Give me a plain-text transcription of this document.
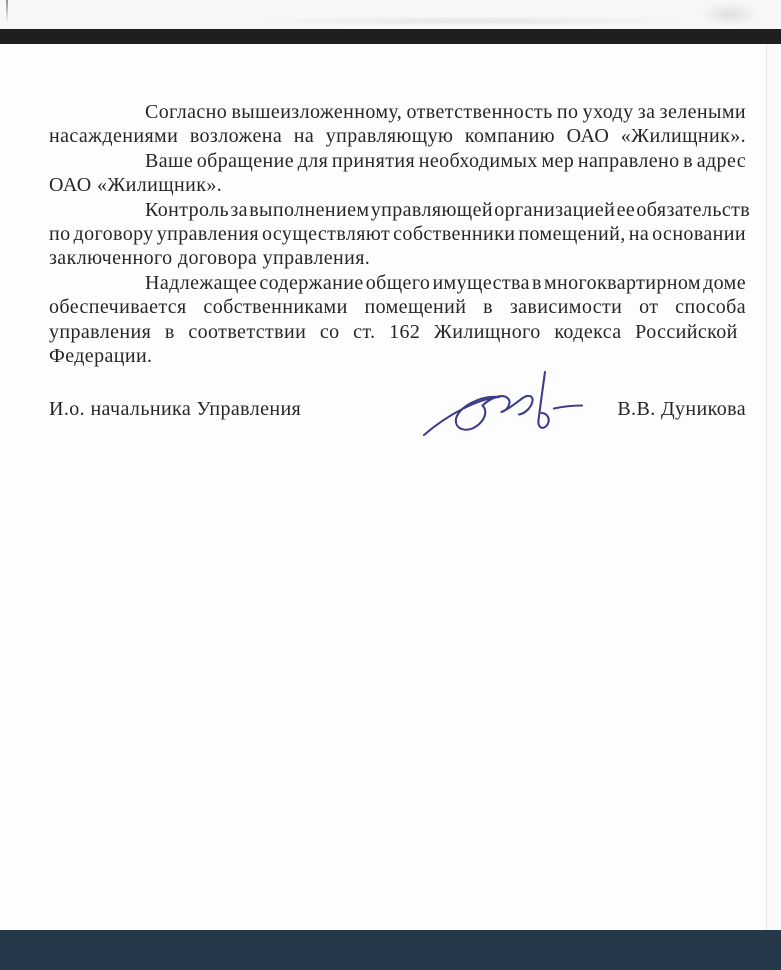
Согласно вышеизложенному, ответственность по уходу за зелеными
насаждениями возложена на управляющую компанию ОАО «Жилищник».
Ваше обращение для принятия необходимых мер направлено в адрес
ОАО «Жилищник».
Контроль за выполнением управляющей организацией ее обязательств
по договору управления осуществляют собственники помещений, на основании
заключенного договора управления.
Надлежащее содержание общего имущества в многоквартирном доме
обеспечивается собственниками помещений в зависимости от способа
управления в соответствии со ст. 162 Жилищного кодекса Российской
Федерации.
И.о. начальника Управления	В.В. Дуникова
